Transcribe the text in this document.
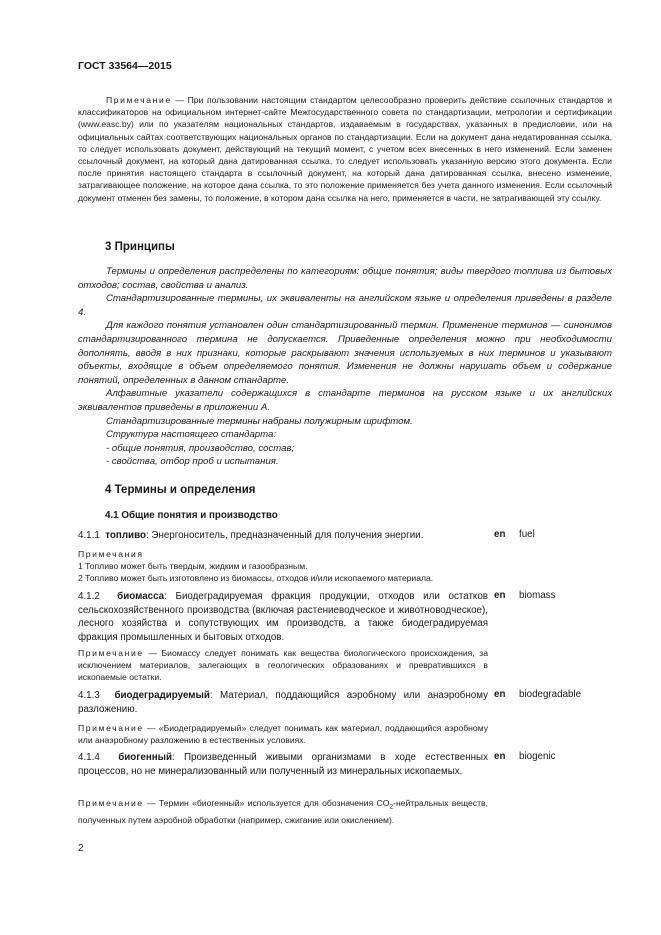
ГОСТ 33564—2015
Примечание — При пользовании настоящим стандартом целесообразно проверить действие ссылочных стандартов и классификаторов на официальном интернет-сайте Межгосударственного совета по стандартизации, метрологии и сертификации (www.easc.by) или по указателям национальных стандартов, издаваемым в государствах, указанных в предисловии, или на официальных сайтах соответствующих национальных органов по стандартизации. Если на документ дана недатированная ссылка, то следует использовать документ, действующий на текущий момент, с учетом всех внесенных в него изменений. Если заменен ссылочный документ, на который дана датированная ссылка, то следует использовать указанную версию этого документа. Если после принятия настоящего стандарта в ссылочный документ, на который дана датированная ссылка, внесено изменение, затрагивающее положение, на которое дана ссылка, то это положение применяется без учета данного изменения. Если ссылочный документ отменен без замены, то положение, в котором дана ссылка на него, применяется в части, не затрагивающей эту ссылку.
3 Принципы

Термины и определения распределены по категориям: общие понятия; виды твердого топлива из бытовых отходов; состав, свойства и анализ.

Стандартизированные термины, их эквиваленты на английском языке и определения приведены в разделе 4.

Для каждого понятия установлен один стандартизированный термин. Применение терминов — синонимов стандартизированного термина не допускается. Приведенные определения можно при необходимости дополнять, вводя в них признаки, которые раскрывают значения используемых в них терминов и указывают объекты, входящие в объем определяемого понятия. Изменения не должны нарушать объем и содержание понятий, определенных в данном стандарте.

Алфавитные указатели содержащихся в стандарте терминов на русском языке и их английских эквивалентов приведены в приложении А.

Стандартизированные термины набраны полужирным шрифтом.

Структура настоящего стандарта:

- общие понятия, производство, состав;

- свойства, отбор проб и испытания.

4 Термины и определения
4.1 Общие понятия и производство
4.1.1 топливо: Энергоноситель, предназначенный для получения энергии.	en fuel

Примечания

1 Топливо может быть твердым, жидким и газообразным.

2 Топливо может быть изготовлено из биомассы, отходов и/или ископаемого материала.

4.1.2 биомасса: Биодеградируемая фракция продукции, отходов или остатков сельскохозяйственного производства (включая растениеводческое и животноводческое), лесного хозяйства и сопутствующих им производств, а также биодеградируемая фракция промышленных и бытовых отходов.
en biomass

Примечание — Биомассу следует понимать как вещества биологического происхождения, за исключением материалов, залегающих в геологических образованиях и превратившихся в ископаемые остатки.

4.1.3 биодеградируемый: Материал, поддающийся аэробному или анаэробному разложению.
en biodegradable

Примечание — «Биодеградируемый» следует понимать как материал, поддающийся аэробному или анаэробному разложению в естественных условиях.

4.1.4 биогенный: Произведенный живыми организмами в ходе естественных процессов, но не минерализованный или полученный из минеральных ископаемых.
en biogenic

Примечание — Термин «биогенный» используется для обозначения $CO_2$-нейтральных веществ, полученных путем аэробной обработки (например, сжигание или окислением).

2
